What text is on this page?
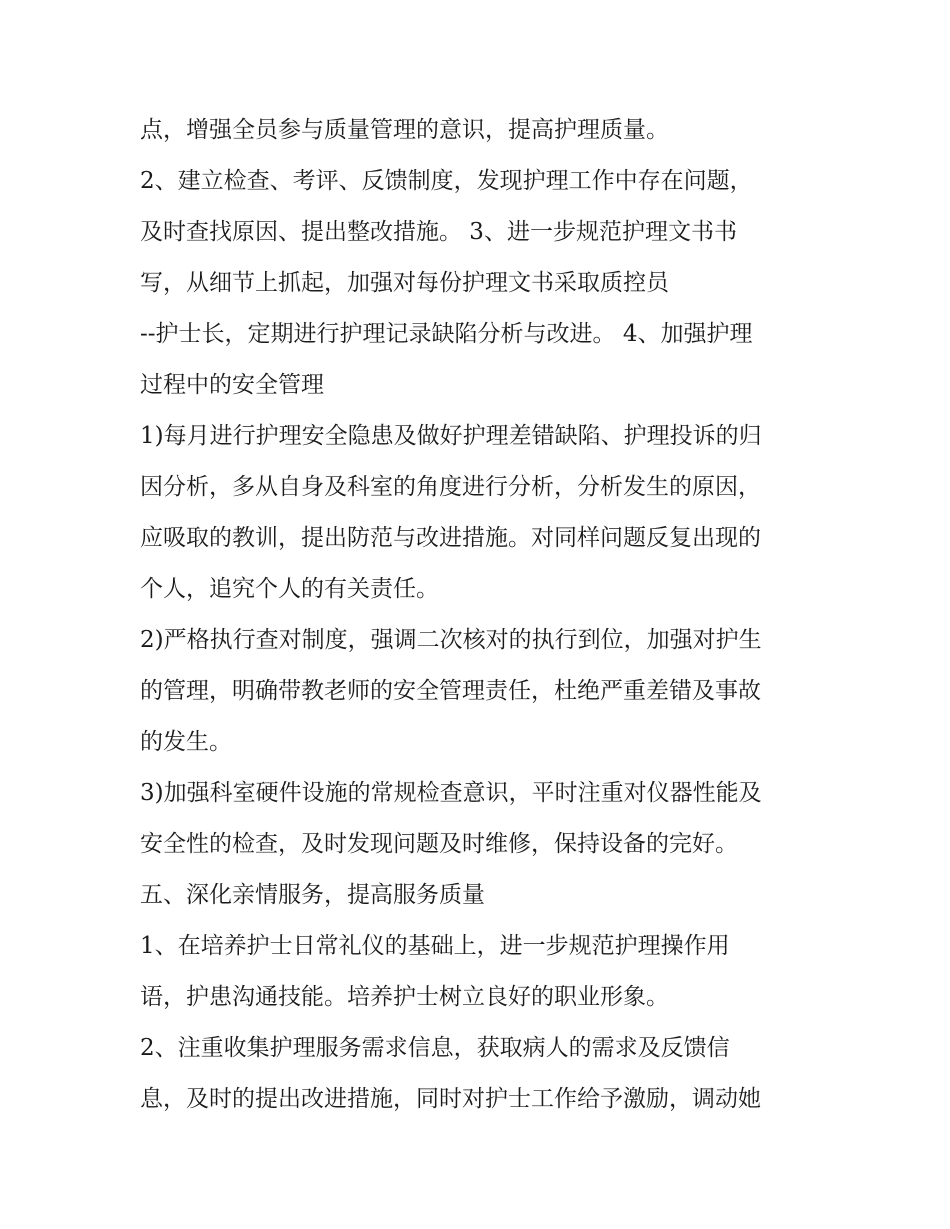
点，增强全员参与质量管理的意识，提高护理质量。
2、建立检查、考评、反馈制度，发现护理工作中存在问题，
及时查找原因、提出整改措施。 3、进一步规范护理文书书
写，从细节上抓起，加强对每份护理文书采取质控员
--护士长，定期进行护理记录缺陷分析与改进。 4、加强护理
过程中的安全管理
1)每月进行护理安全隐患及做好护理差错缺陷、护理投诉的归
因分析，多从自身及科室的角度进行分析，分析发生的原因，
应吸取的教训，提出防范与改进措施。对同样问题反复出现的
个人，追究个人的有关责任。
2)严格执行查对制度，强调二次核对的执行到位，加强对护生
的管理，明确带教老师的安全管理责任，杜绝严重差错及事故
的发生。
3)加强科室硬件设施的常规检查意识，平时注重对仪器性能及
安全性的检查，及时发现问题及时维修，保持设备的完好。
五、深化亲情服务，提高服务质量
1、在培养护士日常礼仪的基础上，进一步规范护理操作用
语，护患沟通技能。培养护士树立良好的职业形象。
2、注重收集护理服务需求信息，获取病人的需求及反馈信
息，及时的提出改进措施，同时对护士工作给予激励，调动她
